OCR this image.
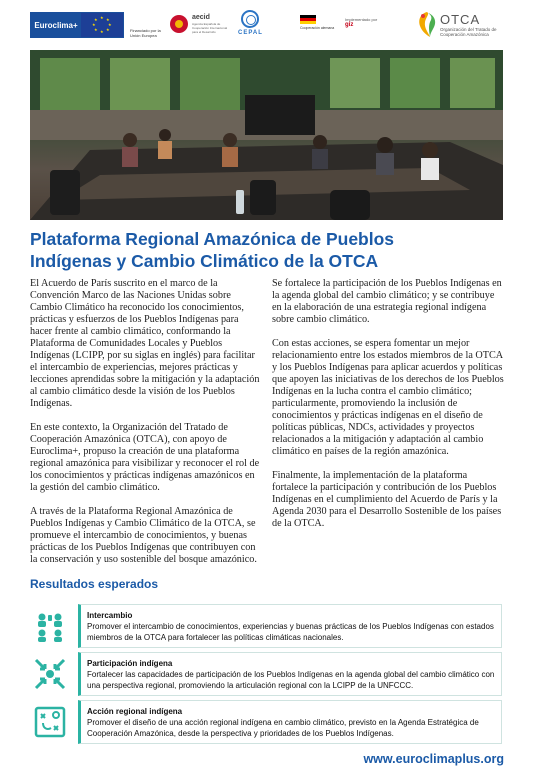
Euroclima+
★ ★
★
★
★
★
★
★
Financiado por la Unión Europea
aecid
Agencia Española de Cooperación Internacional para el Desarrollo	CEPAL
Cooperación alemana
Implementado por
giz	OTCA
Organización del Tratado de Cooperación Amazónica
Plataforma Regional Amazónica de Pueblos
Indígenas y Cambio Climático de la OTCA

El Acuerdo de París suscrito en el marco de la Convención Marco de las Naciones Unidas sobre Cambio Climático ha reconocido los conocimientos, prácticas y esfuerzos de los Pueblos Indígenas para hacer frente al cambio climático, conformando la Plataforma de Comunidades Locales y Pueblos Indígenas (LCIPP, por su siglas en inglés) para facilitar el intercambio de experiencias, mejores prácticas y lecciones aprendidas sobre la mitigación y la adaptación al cambio climático desde la visión de los Pueblos Indígenas.

En este contexto, la Organización del Tratado de Cooperación Amazónica (OTCA), con apoyo de Euroclima+, propuso la creación de una plataforma regional amazónica para visibilizar y reconocer el rol de los conocimientos y prácticas indígenas amazónicos en la gestión del cambio climático.

A través de la Plataforma Regional Amazónica de Pueblos Indígenas y Cambio Climático de la OTCA, se promueve el intercambio de conocimientos, y buenas prácticas de los Pueblos Indígenas que contribuyen con la conservación y uso sostenible del bosque amazónico.

Se fortalece la participación de los Pueblos Indígenas en la agenda global del cambio climático; y se contribuye en la elaboración de una estrategia regional indígena sobre cambio climático.

Con estas acciones, se espera fomentar un mejor relacionamiento entre los estados miembros de la OTCA y los Pueblos Indígenas para aplicar acuerdos y políticas que apoyen las iniciativas de los derechos de los Pueblos Indígenas en la lucha contra el cambio climático; particularmente, promoviendo la inclusión de conocimientos y prácticas indígenas en el diseño de políticas públicas, NDCs, actividades y proyectos relacionados a la mitigación y adaptación al cambio climático en países de la región amazónica.

Finalmente, la implementación de la plataforma fortalece la participación y contribución de los Pueblos Indígenas en el cumplimiento del Acuerdo de París y la Agenda 2030 para el Desarrollo Sostenible de los países de la OTCA.

Resultados esperados
Intercambio
Promover el intercambio de conocimientos, experiencias y buenas prácticas de los Pueblos Indígenas con estados miembros de la OTCA para fortalecer las políticas climáticas nacionales.
Participación indígena
Fortalecer las capacidades de participación de los Pueblos Indígenas en la agenda global del cambio climático con una perspectiva regional, promoviendo la articulación regional con la LCIPP de la UNFCCC.
Acción regional indígena
Promover el diseño de una acción regional indígena en cambio climático, previsto en la Agenda Estratégica de Cooperación Amazónica, desde la perspectiva y prioridades de los Pueblos Indígenas.
www.euroclimaplus.org
